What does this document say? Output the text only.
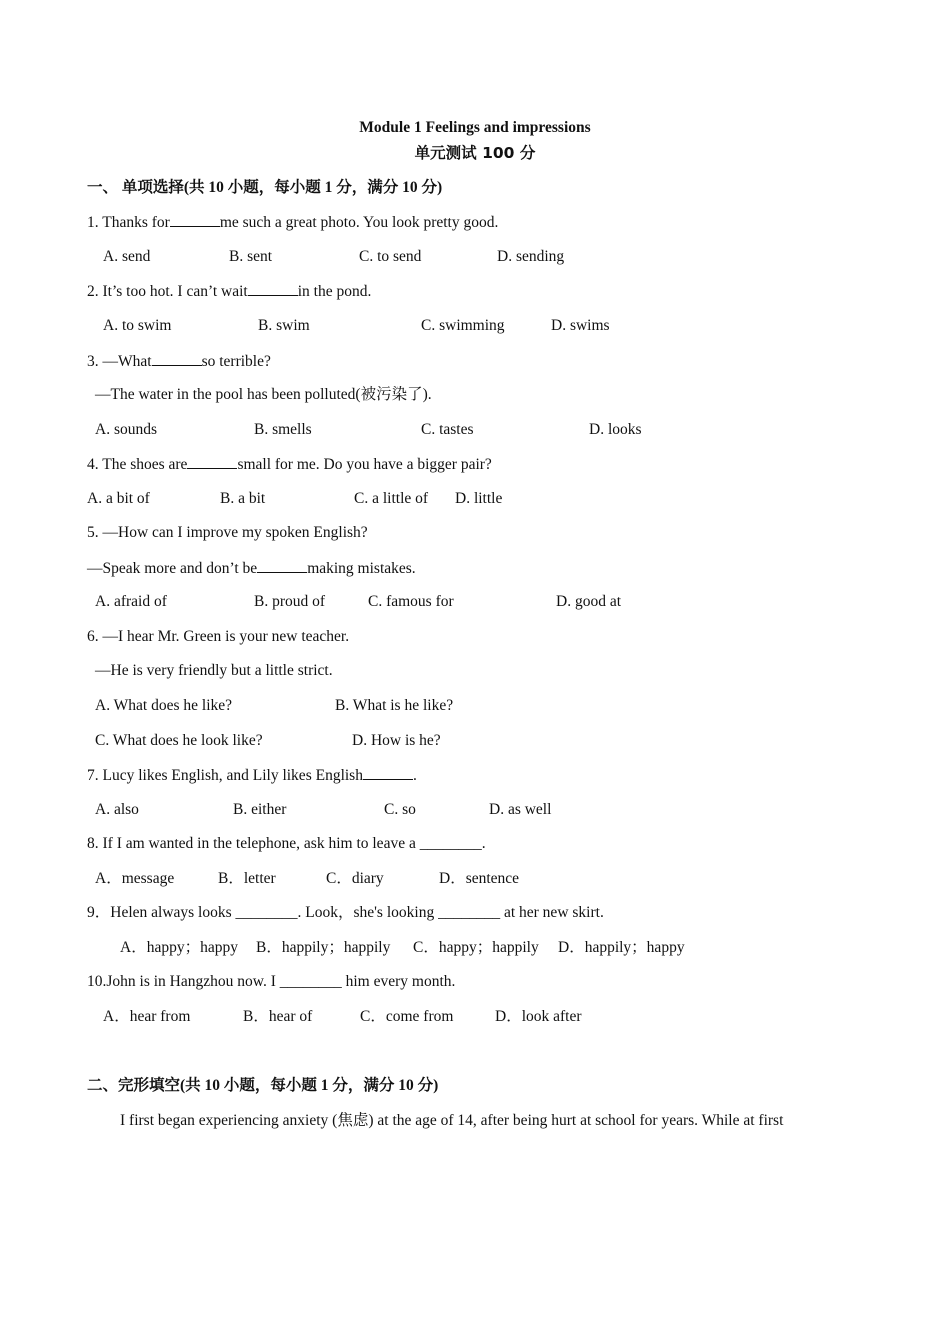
Module 1 Feelings and impressions
单元测试 100 分
一、 单项选择(共 10 小题，每小题 1 分，满分 10 分)
1. Thanks for	me such a great photo. You look pretty good.
A. send	B. sent	C. to send	D. sending
2. It’s too hot. I can’t wait	in the pond.
A. to swim	B. swim	C. swimming	D. swims
3. —What	so terrible?
—The water in the pool has been polluted(被污染了).
A. sounds	B. smells	C. tastes	D. looks
4. The shoes are	small for me. Do you have a bigger pair?
A. a bit of	B. a bit	C. a little of D. little
5. —How can I improve my spoken English?
—Speak more and don’t be	making mistakes.
A. afraid of	B. proud of	C. famous for	D. good at
6. —I hear Mr. Green is your new teacher.
—He is very friendly but a little strict.
A. What does he like?	B. What is he like?
C. What does he look like?	D. How is he?
7. Lucy likes English, and Lily likes English	.
A. also	B. either	C. so	D. as well
8. If I am wanted in the telephone, ask him to leave a ________.
A．message	B．letter	C．diary	D．sentence
9．Helen always looks ________. Look，she's looking ________ at her new skirt.
A．happy；happy B．happily；happily C．happy；happily D．happily；happy
10.John is in Hangzhou now. I ________ him every month.
A．hear from	B．hear of	C．come from	D．look after
二、完形填空(共 10 小题，每小题 1 分，满分 10 分)
I first began experiencing anxiety (焦虑) at the age of 14, after being hurt at school for years. While at first
